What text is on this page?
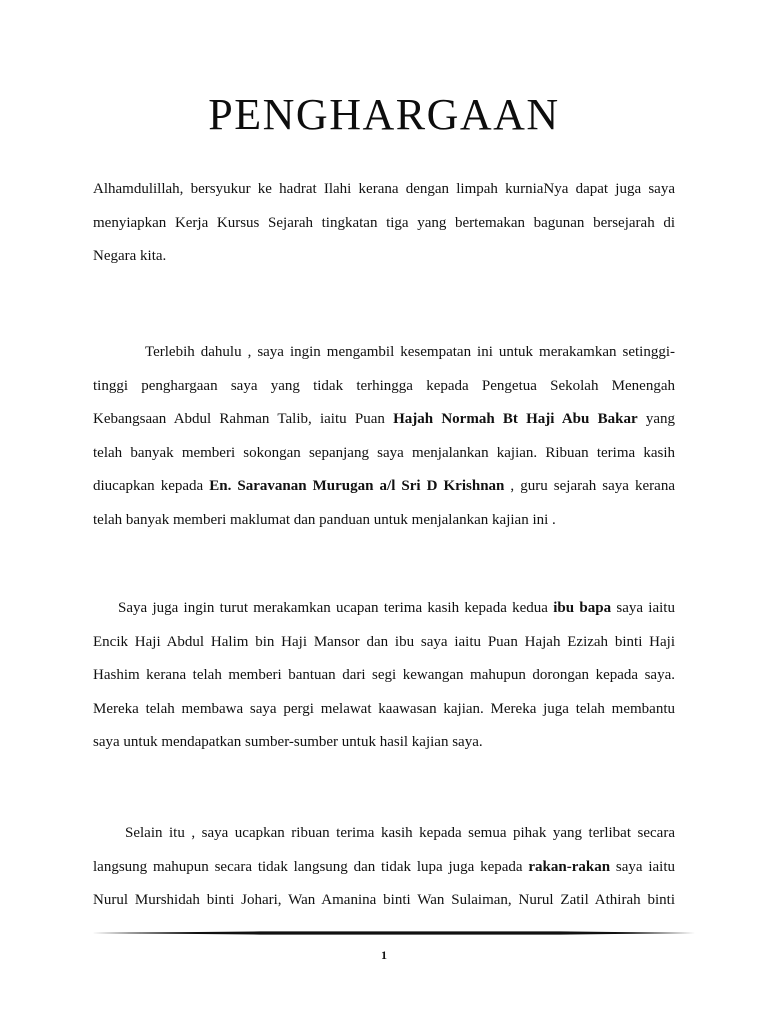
PENGHARGAAN
Alhamdulillah, bersyukur ke hadrat Ilahi kerana dengan limpah kurniaNya dapat juga saya
menyiapkan Kerja Kursus Sejarah tingkatan tiga yang bertemakan bagunan bersejarah di
Negara kita.
Terlebih dahulu , saya ingin mengambil kesempatan ini untuk merakamkan setinggi-
tinggi penghargaan saya yang tidak terhingga kepada Pengetua Sekolah Menengah
Kebangsaan Abdul Rahman Talib, iaitu Puan Hajah Normah Bt Haji Abu Bakar yang
telah banyak memberi sokongan sepanjang saya menjalankan kajian. Ribuan terima kasih
diucapkan kepada En. Saravanan Murugan a/l Sri D Krishnan , guru sejarah saya kerana
telah banyak memberi maklumat dan panduan untuk menjalankan kajian ini .
Saya juga ingin turut merakamkan ucapan terima kasih kepada kedua ibu bapa saya iaitu
Encik Haji Abdul Halim bin Haji Mansor dan ibu saya iaitu Puan Hajah Ezizah binti Haji
Hashim kerana telah memberi bantuan dari segi kewangan mahupun dorongan kepada saya.
Mereka telah membawa saya pergi melawat kaawasan kajian. Mereka juga telah membantu
saya untuk mendapatkan sumber-sumber untuk hasil kajian saya.
Selain itu , saya ucapkan ribuan terima kasih kepada semua pihak yang terlibat secara
langsung mahupun secara tidak langsung dan tidak lupa juga kepada rakan-rakan saya iaitu
Nurul Murshidah binti Johari, Wan Amanina binti Wan Sulaiman, Nurul Zatil Athirah binti
1
